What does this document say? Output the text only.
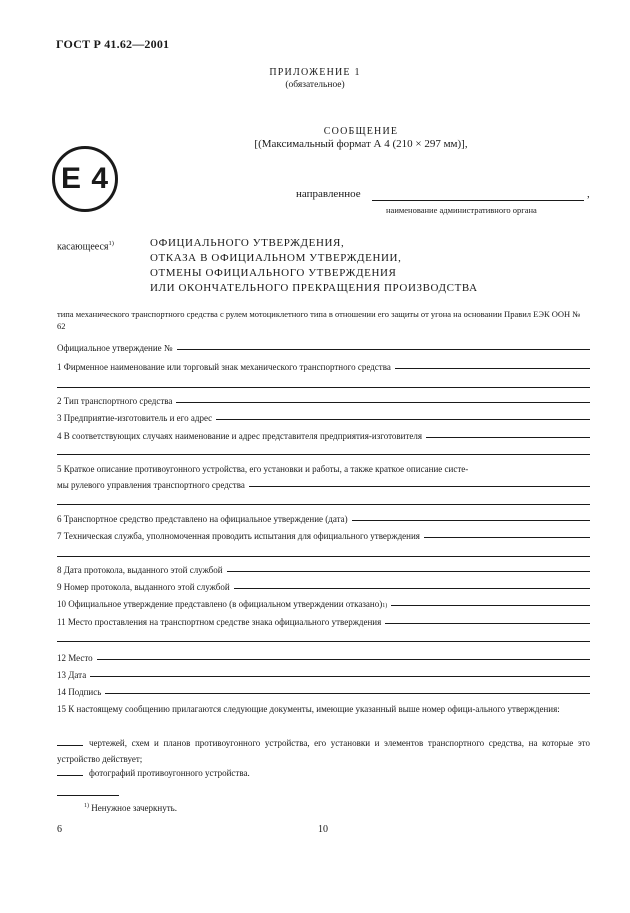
ГОСТ Р 41.62—2001
ПРИЛОЖЕНИЕ 1
(обязательное)
СООБЩЕНИЕ
[(Максимальный формат А 4 (210 × 297 мм)],
E 4	направленное	,
наименование административного органа
касающееся$^{1)}$	ОФИЦИАЛЬНОГО УТВЕРЖДЕНИЯ,
ОТКАЗА В ОФИЦИАЛЬНОМ УТВЕРЖДЕНИИ,
ОТМЕНЫ ОФИЦИАЛЬНОГО УТВЕРЖДЕНИЯ
ИЛИ ОКОНЧАТЕЛЬНОГО ПРЕКРАЩЕНИЯ ПРОИЗВОДСТВА
типа механического транспортного средства с рулем мотоциклетного типа в отношении его защиты от угона на основании Правил ЕЭК ООН № 62
Официальное утверждение №
1 Фирменное наименование или торговый знак механического транспортного средства
2 Тип транспортного средства
3 Предприятие-изготовитель и его адрес
4 В соответствующих случаях наименование и адрес представителя предприятия-изготовителя
5 Краткое описание противоугонного устройства, его установки и работы, а также краткое описание систе-
мы рулевого управления транспортного средства
6 Транспортное средство представлено на официальное утверждение (дата)
7 Техническая служба, уполномоченная проводить испытания для официального утверждения
8 Дата протокола, выданного этой службой
9 Номер протокола, выданного этой службой
10 Официальное утверждение представлено (в официальном утверждении $отказано)_{1)}$
11 Место проставления на транспортном средстве знака официального утверждения
12 Место
13 Дата
14 Подпись
15 К настоящему сообщению прилагаются следующие документы, имеющие указанный выше номер офици-ального утверждения:
чертежей, схем и планов противоугонного устройства, его установки и элементов транспортного средства, на которые это устройство действует;
фотографий противоугонного устройства.
$^{1)}$ Ненужное зачеркнуть.
6	10
